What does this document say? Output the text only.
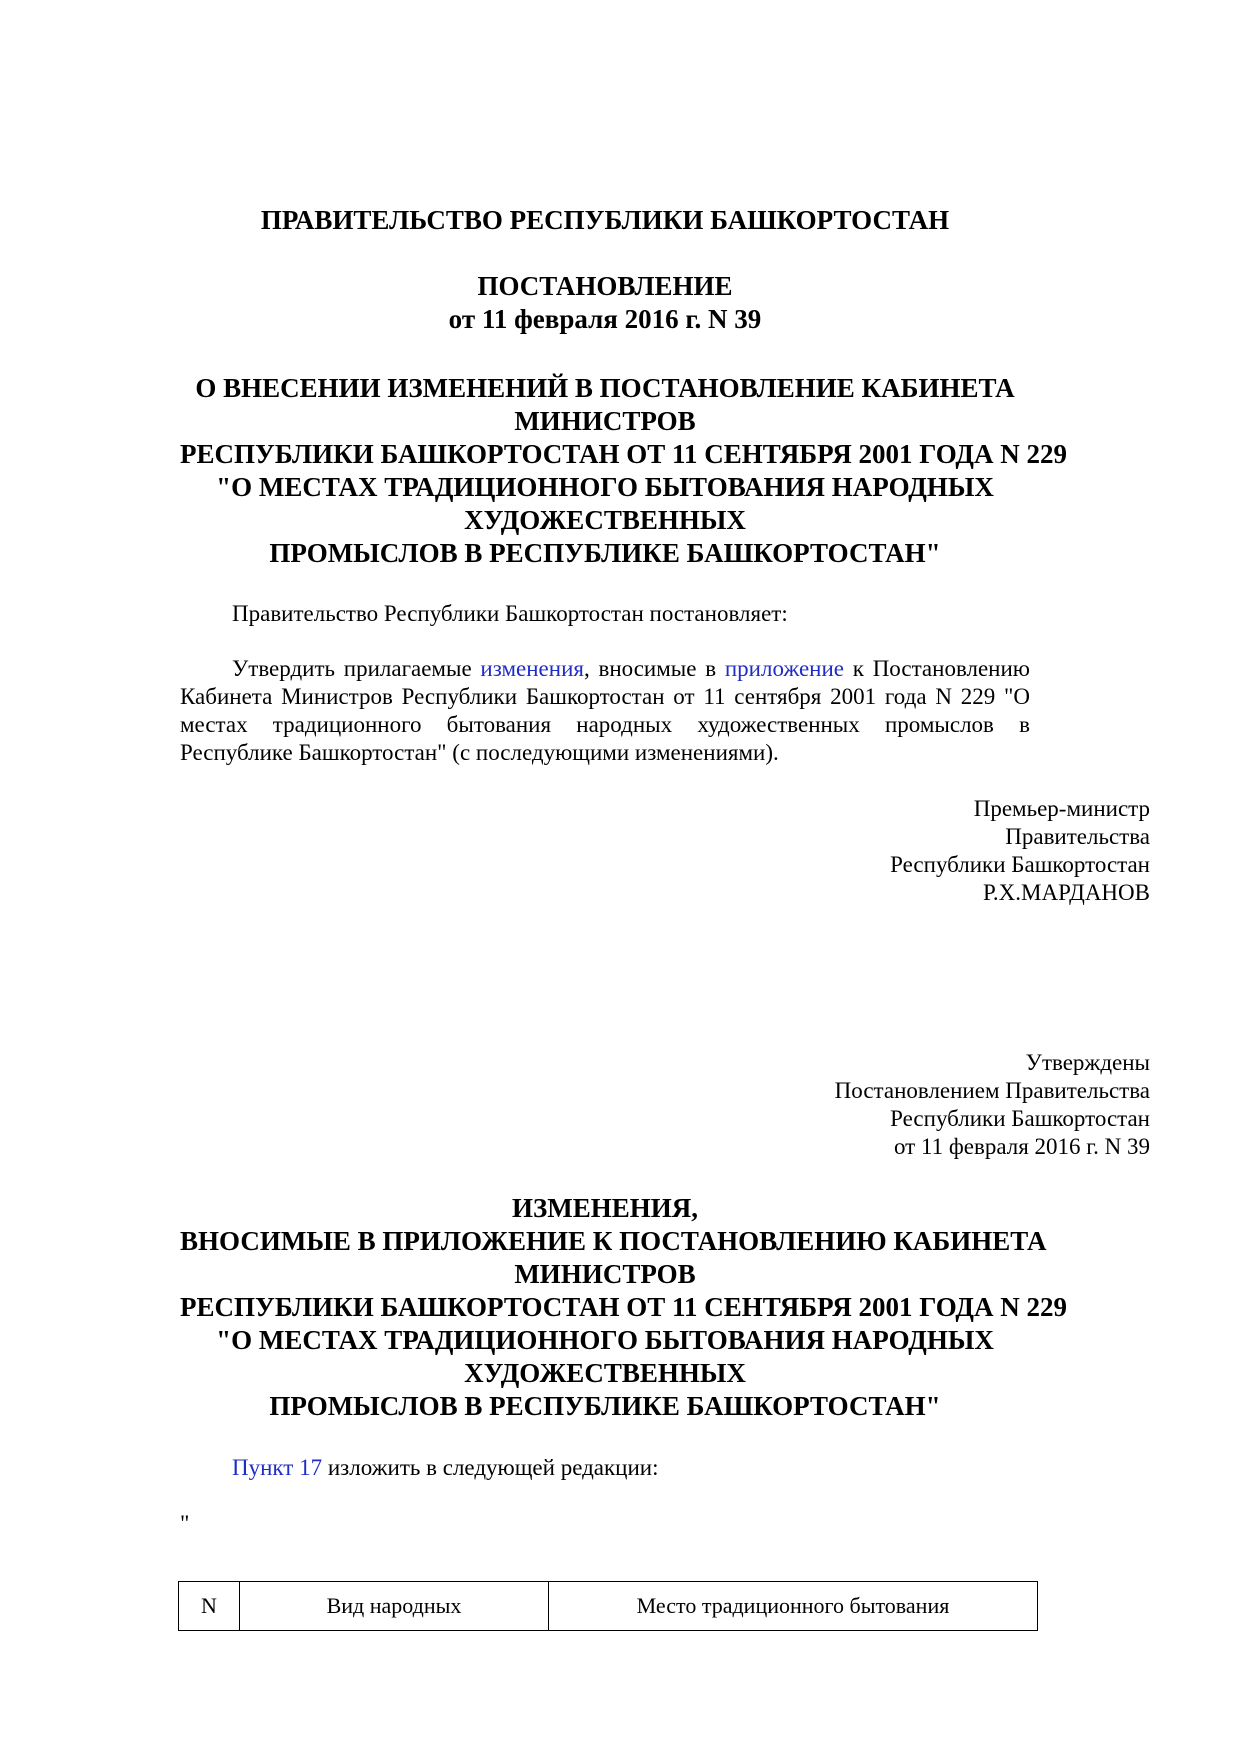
ПРАВИТЕЛЬСТВО РЕСПУБЛИКИ БАШКОРТОСТАН
ПОСТАНОВЛЕНИЕ
от 11 февраля 2016 г. N 39
О ВНЕСЕНИИ ИЗМЕНЕНИЙ В ПОСТАНОВЛЕНИЕ КАБИНЕТА
МИНИСТРОВ
РЕСПУБЛИКИ БАШКОРТОСТАН ОТ 11 СЕНТЯБРЯ 2001 ГОДА N 229
"О МЕСТАХ ТРАДИЦИОННОГО БЫТОВАНИЯ НАРОДНЫХ
ХУДОЖЕСТВЕННЫХ
ПРОМЫСЛОВ В РЕСПУБЛИКЕ БАШКОРТОСТАН"
Правительство Республики Башкортостан постановляет:
Утвердить прилагаемые изменения, вносимые в приложение к Постановлению Кабинета Министров Республики Башкортостан от 11 сентября 2001 года N 229 "О местах традиционного бытования народных художественных промыслов в Республике Башкортостан" (с последующими изменениями).
Премьер-министр
Правительства
Республики Башкортостан
Р.Х.МАРДАНОВ
Утверждены
Постановлением Правительства
Республики Башкортостан
от 11 февраля 2016 г. N 39
ИЗМЕНЕНИЯ,
ВНОСИМЫЕ В ПРИЛОЖЕНИЕ К ПОСТАНОВЛЕНИЮ КАБИНЕТА
МИНИСТРОВ
РЕСПУБЛИКИ БАШКОРТОСТАН ОТ 11 СЕНТЯБРЯ 2001 ГОДА N 229
"О МЕСТАХ ТРАДИЦИОННОГО БЫТОВАНИЯ НАРОДНЫХ
ХУДОЖЕСТВЕННЫХ
ПРОМЫСЛОВ В РЕСПУБЛИКЕ БАШКОРТОСТАН"
Пункт 17 изложить в следующей редакции:
"
N	Вид народных	Место традиционного бытования
